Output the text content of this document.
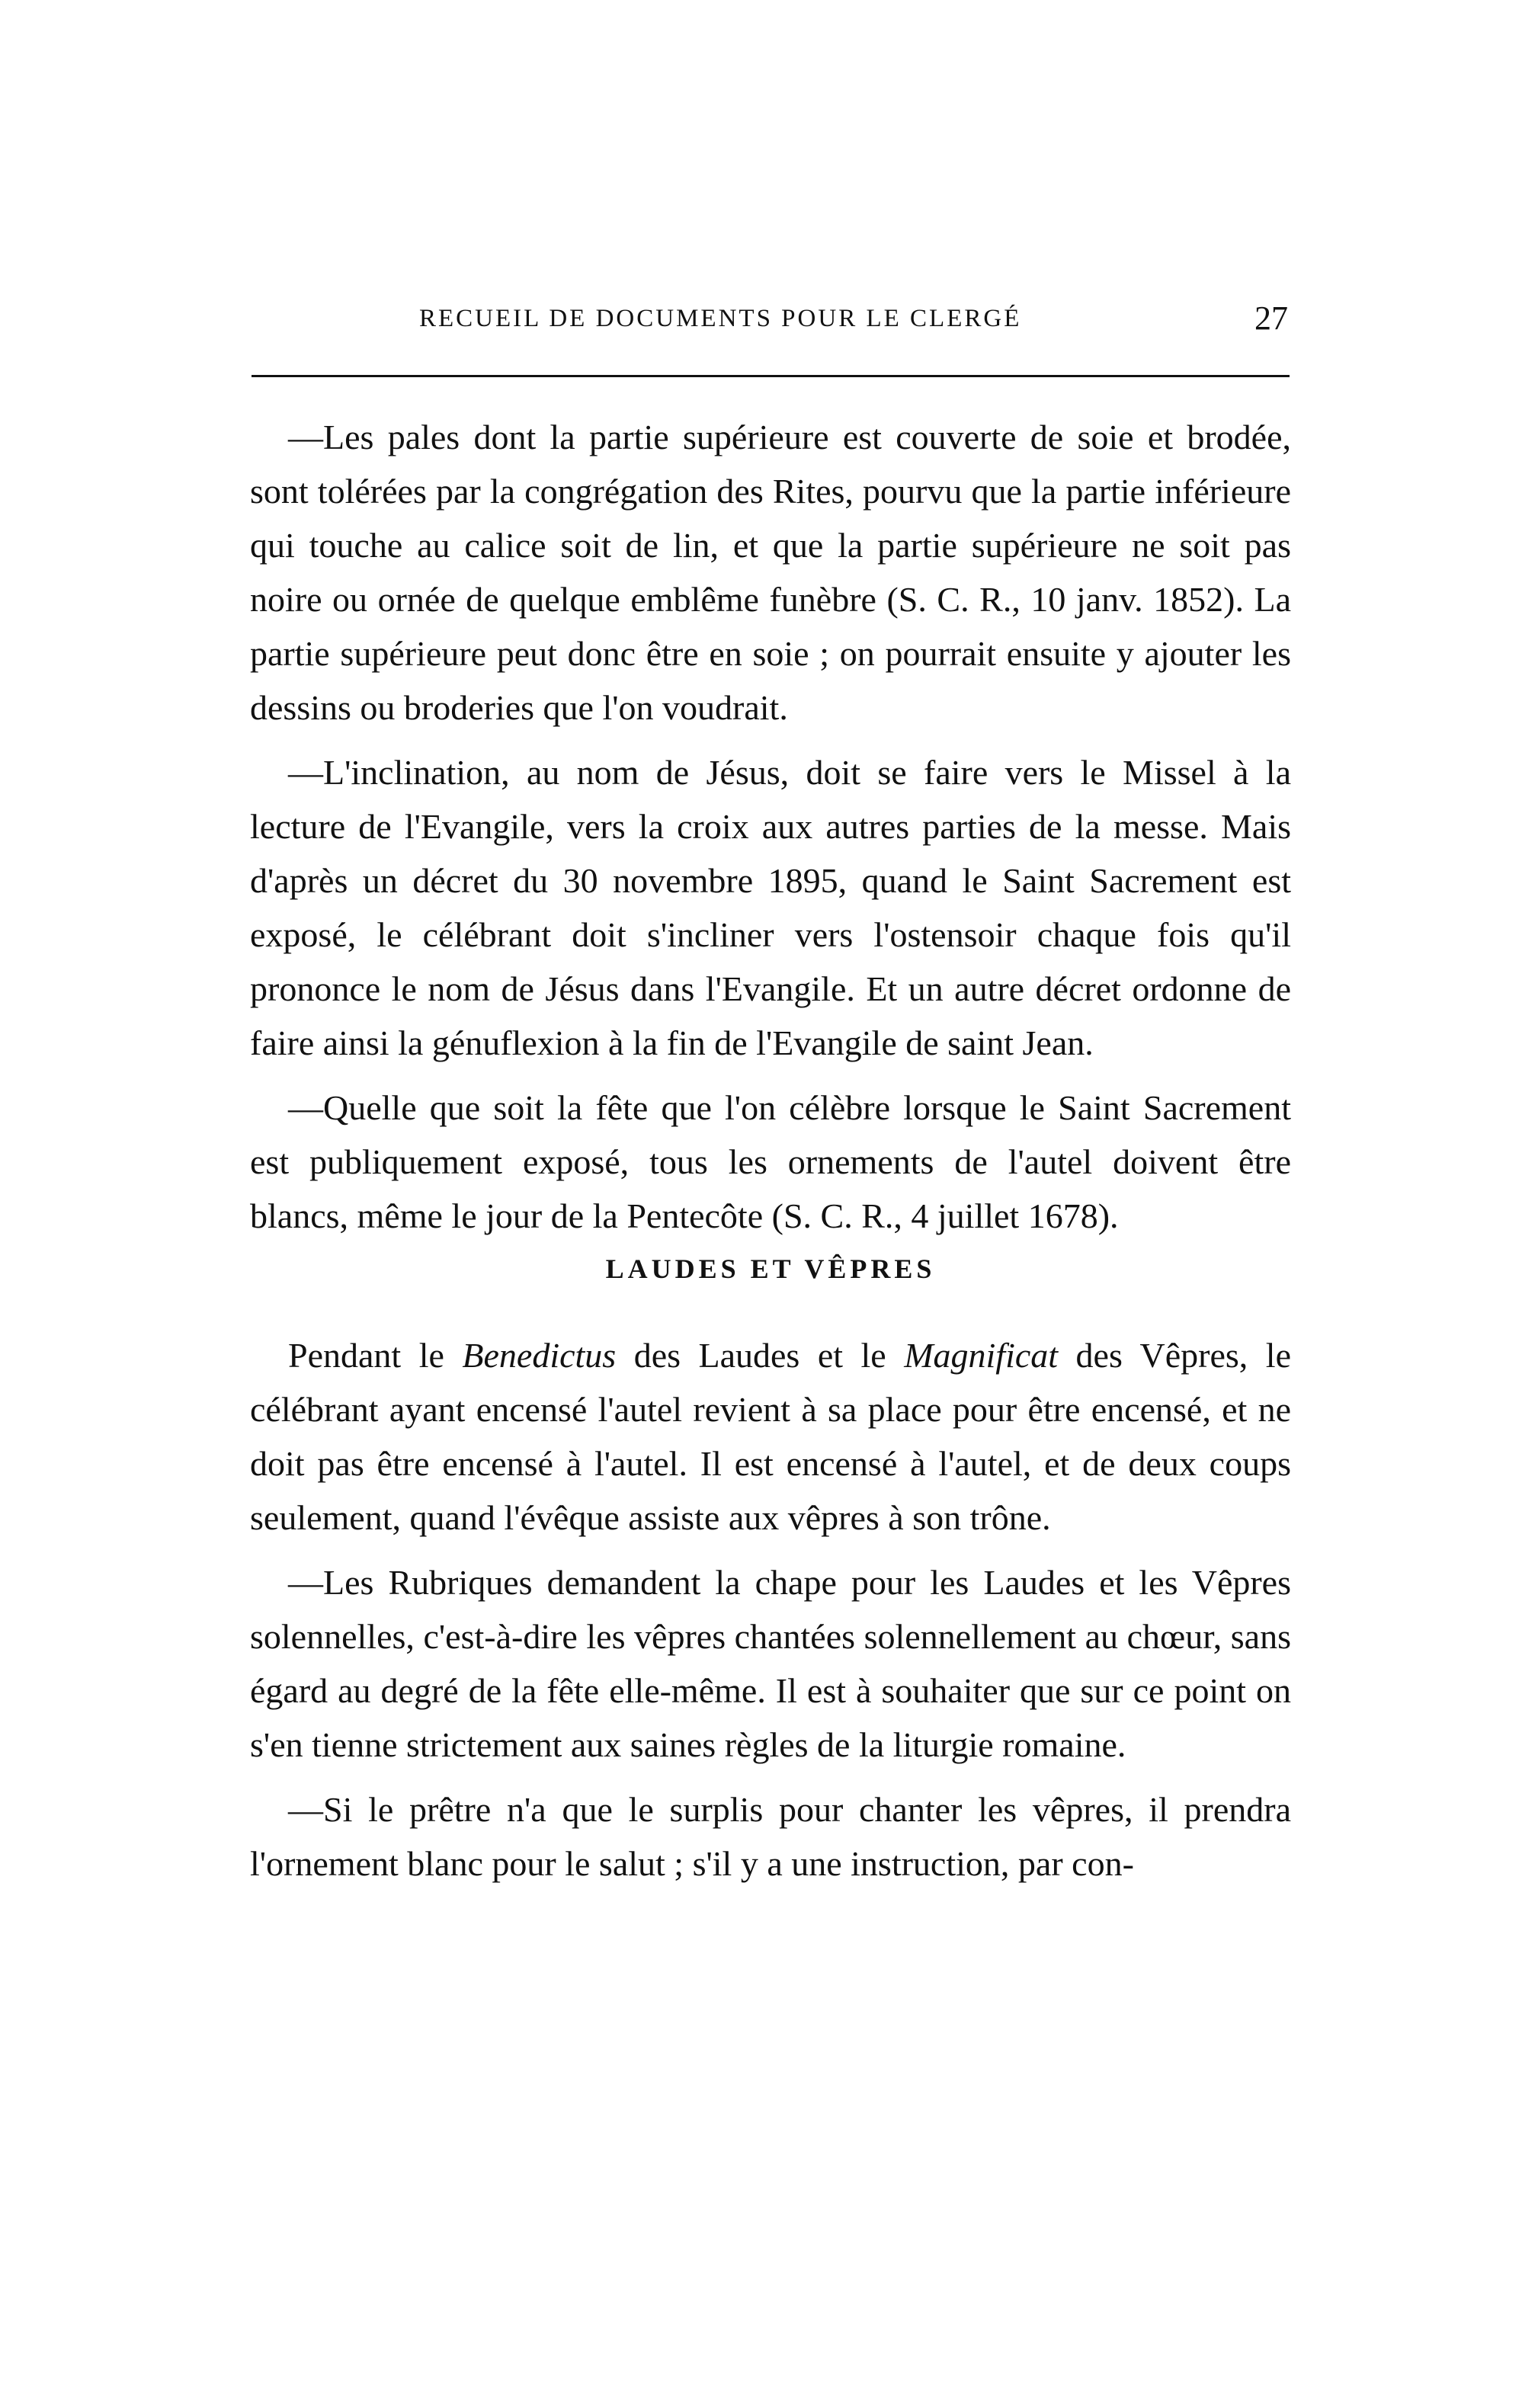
RECUEIL DE DOCUMENTS POUR LE CLERGÉ	27

—Les pales dont la partie supérieure est couverte de soie et brodée, sont tolérées par la congrégation des Rites, pourvu que la partie inférieure qui touche au calice soit de lin, et que la partie supérieure ne soit pas noire ou ornée de quelque emblême funèbre (S. C. R., 10 janv. 1852). La partie supérieure peut donc être en soie ; on pourrait ensuite y ajouter les dessins ou broderies que l'on voudrait.

—L'inclination, au nom de Jésus, doit se faire vers le Missel à la lecture de l'Evangile, vers la croix aux autres parties de la messe. Mais d'après un décret du 30 novembre 1895, quand le Saint Sacrement est exposé, le célébrant doit s'incliner vers l'ostensoir chaque fois qu'il prononce le nom de Jésus dans l'Evangile. Et un autre décret ordonne de faire ainsi la génuflexion à la fin de l'Evangile de saint Jean.

—Quelle que soit la fête que l'on célèbre lorsque le Saint Sacrement est publiquement exposé, tous les ornements de l'autel doivent être blancs, même le jour de la Pentecôte (S. C. R., 4 juillet 1678).

LAUDES ET VÊPRES

Pendant le Benedictus des Laudes et le Magnificat des Vêpres, le célébrant ayant encensé l'autel revient à sa place pour être encensé, et ne doit pas être encensé à l'autel. Il est encensé à l'autel, et de deux coups seulement, quand l'évêque assiste aux vêpres à son trône.

—Les Rubriques demandent la chape pour les Laudes et les Vêpres solennelles, c'est-à-dire les vêpres chantées solennellement au chœur, sans égard au degré de la fête elle-même. Il est à souhaiter que sur ce point on s'en tienne strictement aux saines règles de la liturgie romaine.

—Si le prêtre n'a que le surplis pour chanter les vêpres, il prendra l'ornement blanc pour le salut ; s'il y a une instruction, par con-
